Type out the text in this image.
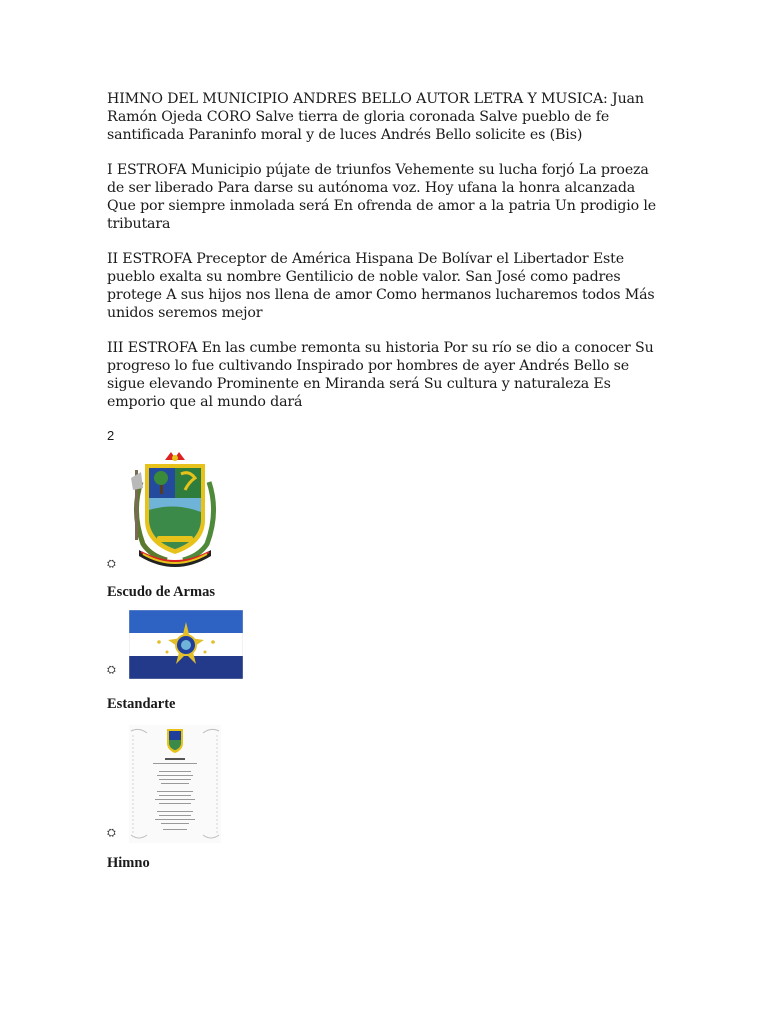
HIMNO DEL MUNICIPIO ANDRES BELLO AUTOR LETRA Y MUSICA: Juan Ramón Ojeda CORO Salve tierra de gloria coronada Salve pueblo de fe santificada Paraninfo moral y de luces Andrés Bello solicite es (Bis)

I ESTROFA Municipio pújate de triunfos Vehemente su lucha forjó La proeza de ser liberado Para darse su autónoma voz. Hoy ufana la honra alcanzada Que por siempre inmolada será En ofrenda de amor a la patria Un prodigio le tributara

II ESTROFA Preceptor de América Hispana De Bolívar el Libertador Este pueblo exalta su nombre Gentilicio de noble valor. San José como padres protege A sus hijos nos llena de amor Como hermanos lucharemos todos Más unidos seremos mejor

III ESTROFA En las cumbe remonta su historia Por su río se dio a conocer Su progreso lo fue cultivando Inspirado por hombres de ayer Andrés Bello se sigue elevando Prominente en Miranda será Su cultura y naturaleza Es emporio que al mundo dará

2
⛭

Escudo de Armas

⛭

Estandarte

⛭

Himno
